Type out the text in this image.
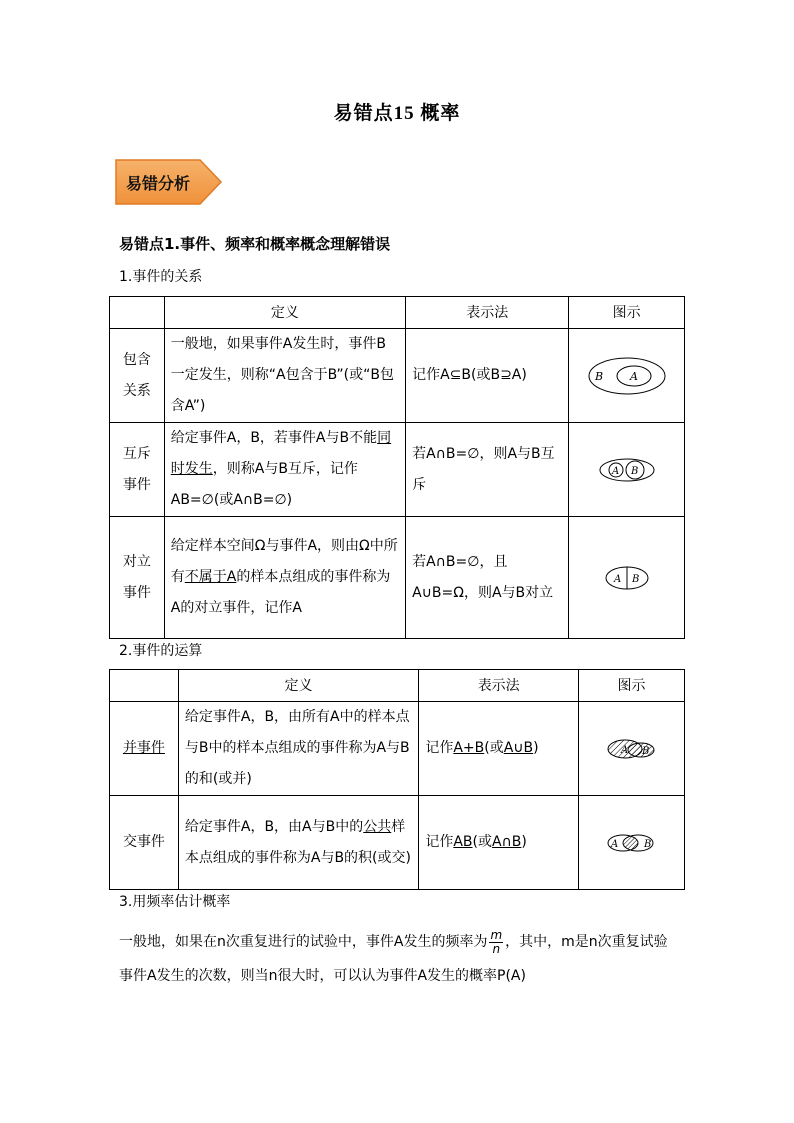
易错点15 概率
易错分析
易错点1.事件、频率和概率概念理解错误
1.事件的关系
	定义	表示法	图示
包含
关系	一般地，如果事件A发生时，事件B一定发生，则称“A包含于B”(或“B包含A”)	记作A⊆B(或B⊇A)	B A

互斥
事件	给定事件A，B，若事件A与B不能同时发生，则称A与B互斥，记作AB=∅(或A∩B=∅)	若A∩B=∅，则A与B互斥	A B

对立
事件	给定样本空间Ω与事件A，则由Ω中所有不属于A的样本点组成的事件称为A的对立事件，记作A	若A∩B=∅，且A∪B=Ω，则A与B对立	A B
2.事件的运算
	定义	表示法	图示
并事件	给定事件A，B，由所有A中的样本点与B中的样本点组成的事件称为A与B的和(或并)	记作A+B(或A∪B)	A B

交事件	给定事件A，B，由A与B中的公共样本点组成的事件称为A与B的积(或交)	记作AB(或A∩B)	A B
3.用频率估计概率
一般地，如果在n次重复进行的试验中，事件A发生的频率为 $\frac{m}{n}$ ，其中，m是n次重复试验事件A发生的次数，则当n很大时，可以认为事件A发生的概率P(A)
